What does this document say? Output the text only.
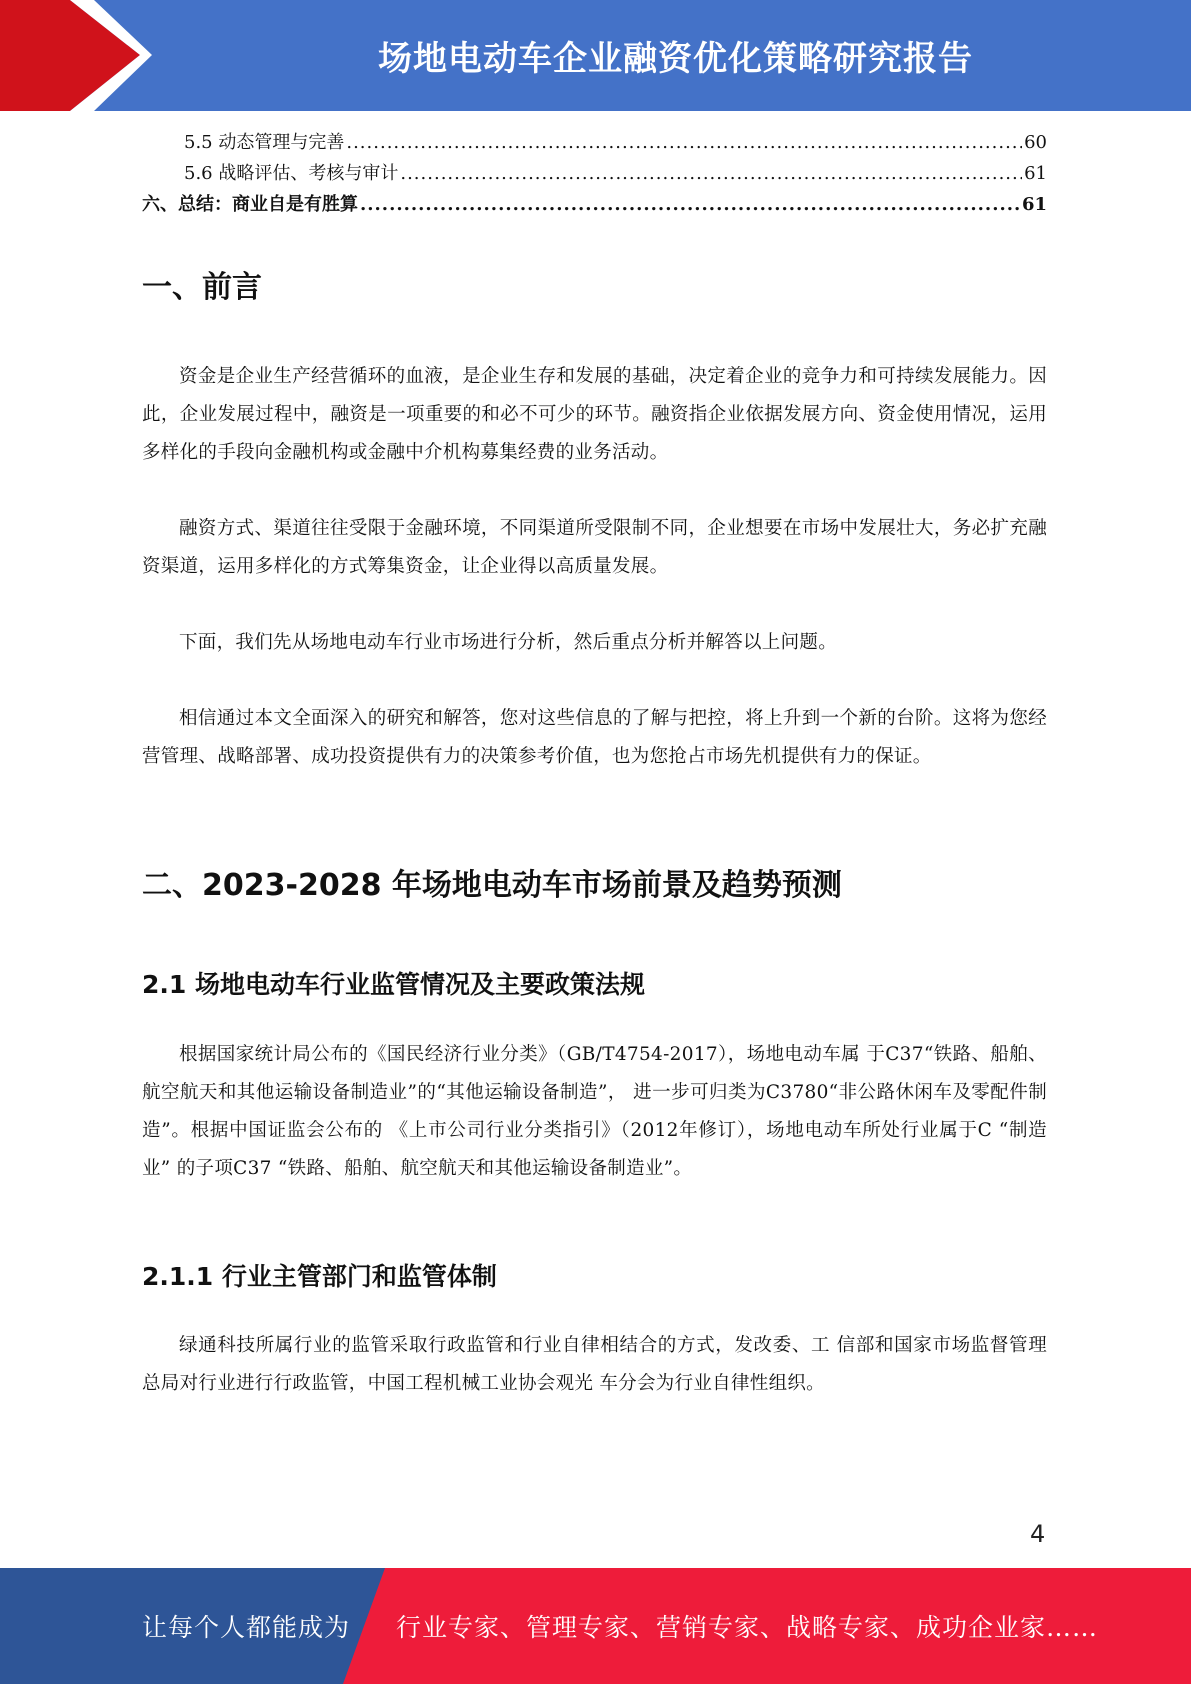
场地电动车企业融资优化策略研究报告
5.5 动态管理与完善 .....	60
5.6 战略评估、考核与审计 .....	61
六、总结：商业自是有胜算 .....	61
一、前言

资金是企业生产经营循环的血液，是企业生存和发展的基础，决定着企业的竞争力和可持续发展能力。因此，企业发展过程中，融资是一项重要的和必不可少的环节。融资指企业依据发展方向、资金使用情况，运用多样化的手段向金融机构或金融中介机构募集经费的业务活动。

融资方式、渠道往往受限于金融环境，不同渠道所受限制不同，企业想要在市场中发展壮大，务必扩充融资渠道，运用多样化的方式筹集资金，让企业得以高质量发展。

下面，我们先从场地电动车行业市场进行分析，然后重点分析并解答以上问题。

相信通过本文全面深入的研究和解答，您对这些信息的了解与把控，将上升到一个新的台阶。这将为您经营管理、战略部署、成功投资提供有力的决策参考价值，也为您抢占市场先机提供有力的保证。

二、2023-2028 年场地电动车市场前景及趋势预测
2.1 场地电动车行业监管情况及主要政策法规

根据国家统计局公布的《国民经济行业分类》（GB/T4754-2017），场地电动车属 于C37“铁路、船舶、航空航天和其他运输设备制造业”的“其他运输设备制造”， 进一步可归类为C3780“非公路休闲车及零配件制造”。根据中国证监会公布的 《上市公司行业分类指引》（2012年修订），场地电动车所处行业属于C “制造业” 的子项C37 “铁路、船舶、航空航天和其他运输设备制造业”。

2.1.1 行业主管部门和监管体制

绿通科技所属行业的监管采取行政监管和行业自律相结合的方式，发改委、工 信部和国家市场监督管理总局对行业进行行政监管，中国工程机械工业协会观光 车分会为行业自律性组织。

4
让每个人都能成为 行业专家、管理专家、营销专家、战略专家、成功企业家……
